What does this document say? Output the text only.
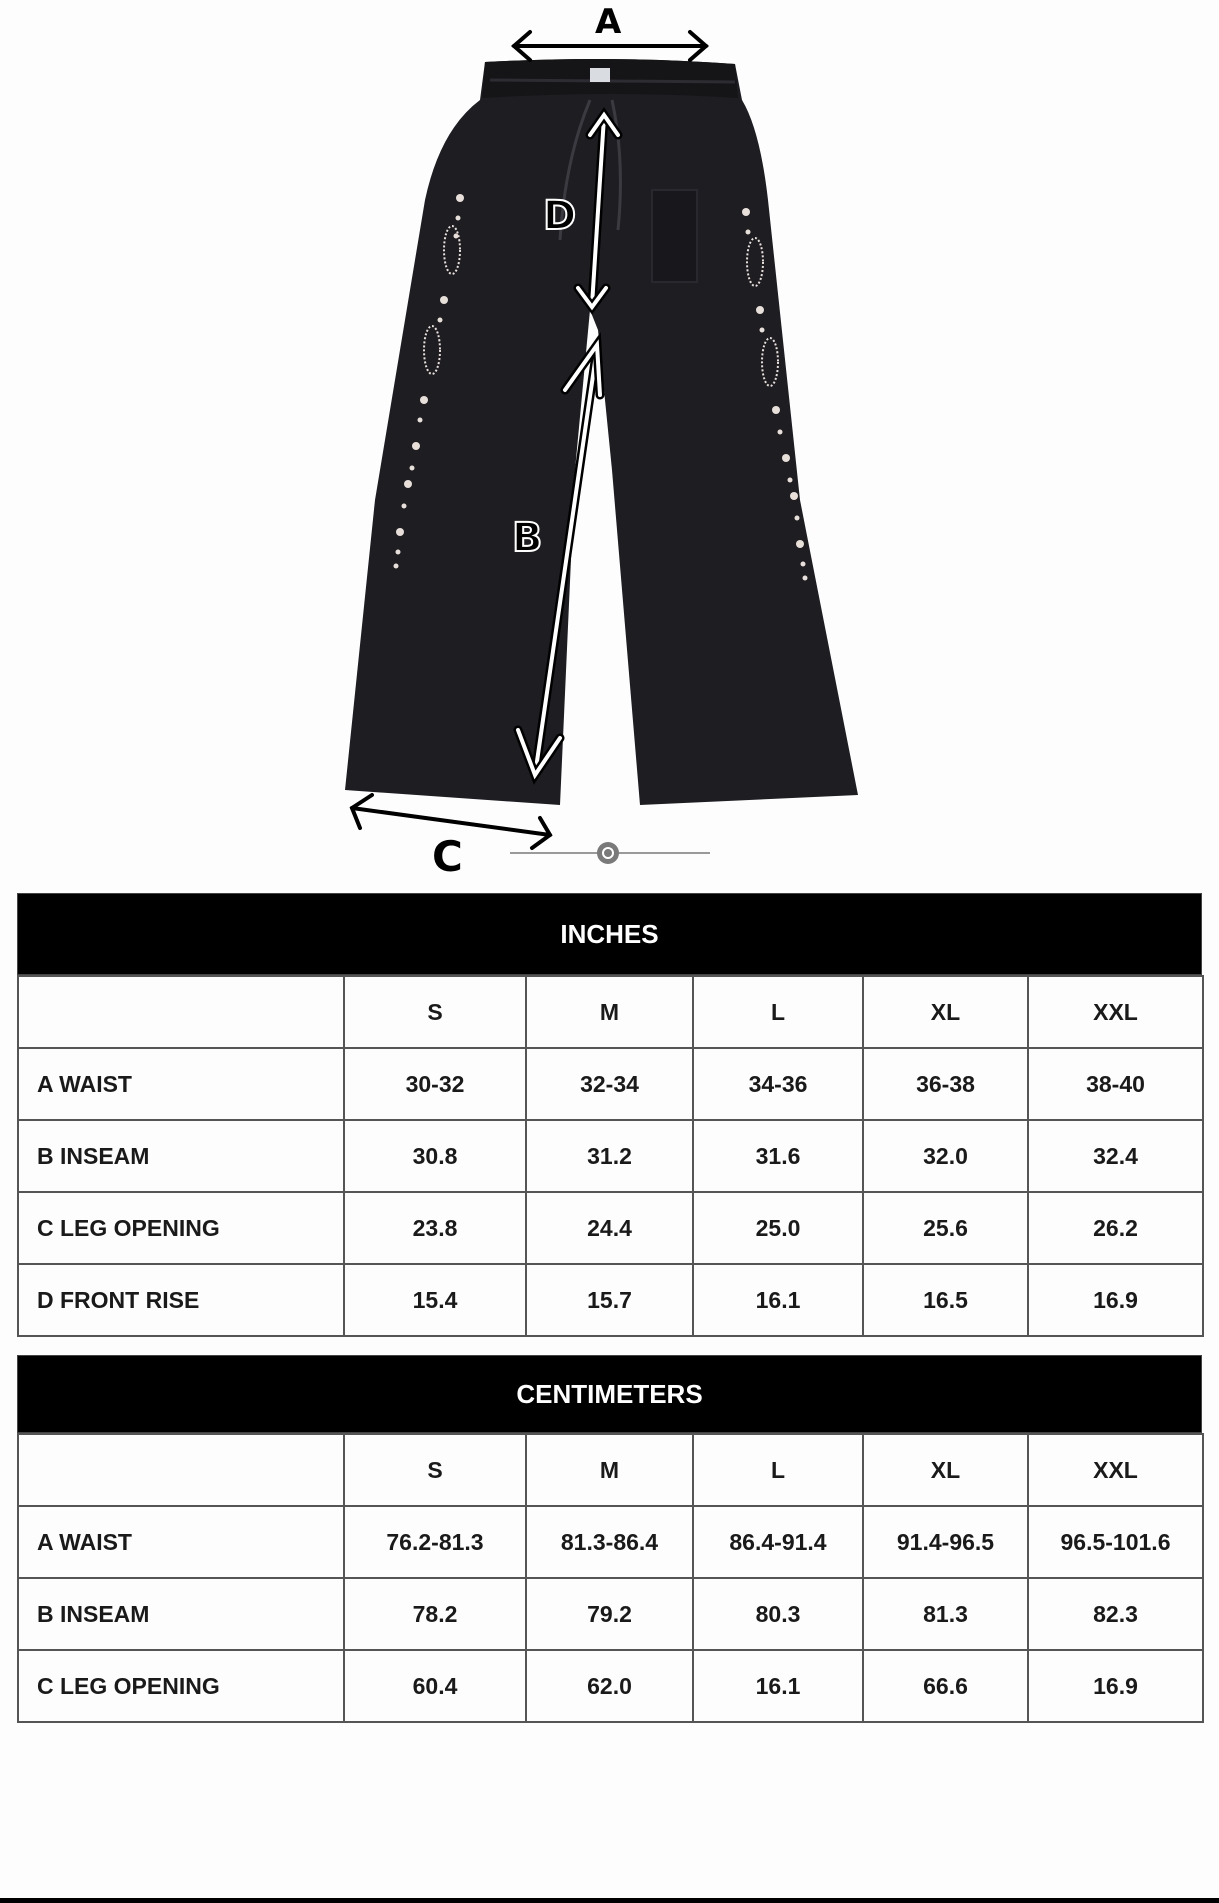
A
D
B
C
INCHES
	S	M	L	XL	XXL
A WAIST	30-32	32-34	34-36	36-38	38-40
B INSEAM	30.8	31.2	31.6	32.0	32.4
C LEG OPENING	23.8	24.4	25.0	25.6	26.2
D FRONT RISE	15.4	15.7	16.1	16.5	16.9
CENTIMETERS
	S	M	L	XL	XXL
A WAIST	76.2-81.3	81.3-86.4	86.4-91.4	91.4-96.5	96.5-101.6
B INSEAM	78.2	79.2	80.3	81.3	82.3
C LEG OPENING	60.4	62.0	16.1	66.6	16.9
